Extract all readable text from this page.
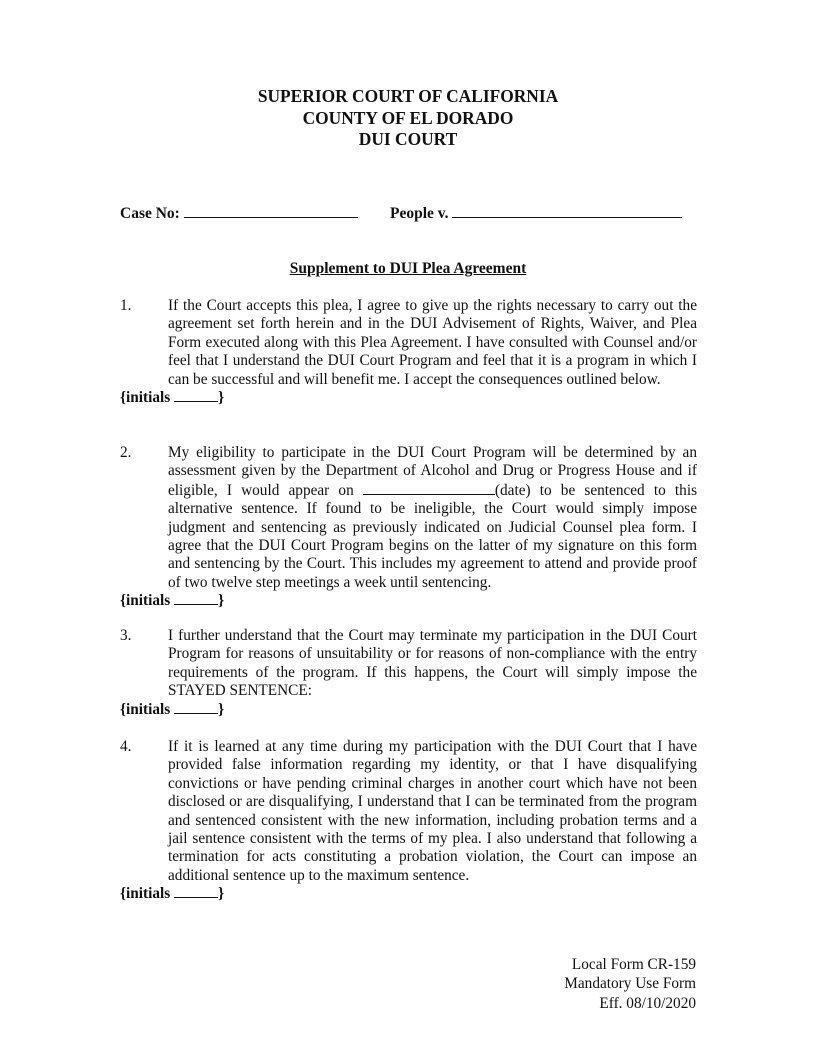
SUPERIOR COURT OF CALIFORNIA
COUNTY OF EL DORADO
DUI COURT
Case No:	People v.
Supplement to DUI Plea Agreement
1. If the Court accepts this plea, I agree to give up the rights necessary to carry out the agreement set forth herein and in the DUI Advisement of Rights, Waiver, and Plea Form executed along with this Plea Agreement. I have consulted with Counsel and/or feel that I understand the DUI Court Program and feel that it is a program in which I can be successful and will benefit me. I accept the consequences outlined below.
{initials	}
2. My eligibility to participate in the DUI Court Program will be determined by an assessment given by the Department of Alcohol and Drug or Progress House and if eligible, I would appear on	(date) to be sentenced to this alternative sentence. If found to be ineligible, the Court would simply impose judgment and sentencing as previously indicated on Judicial Counsel plea form. I agree that the DUI Court Program begins on the latter of my signature on this form and sentencing by the Court. This includes my agreement to attend and provide proof of two twelve step meetings a week until sentencing.
{initials	}
3. I further understand that the Court may terminate my participation in the DUI Court Program for reasons of unsuitability or for reasons of non-compliance with the entry requirements of the program. If this happens, the Court will simply impose the STAYED SENTENCE:
{initials	}
4. If it is learned at any time during my participation with the DUI Court that I have provided false information regarding my identity, or that I have disqualifying convictions or have pending criminal charges in another court which have not been disclosed or are disqualifying, I understand that I can be terminated from the program and sentenced consistent with the new information, including probation terms and a jail sentence consistent with the terms of my plea. I also understand that following a termination for acts constituting a probation violation, the Court can impose an additional sentence up to the maximum sentence.
{initials	}
Local Form CR-159
Mandatory Use Form
Eff. 08/10/2020
